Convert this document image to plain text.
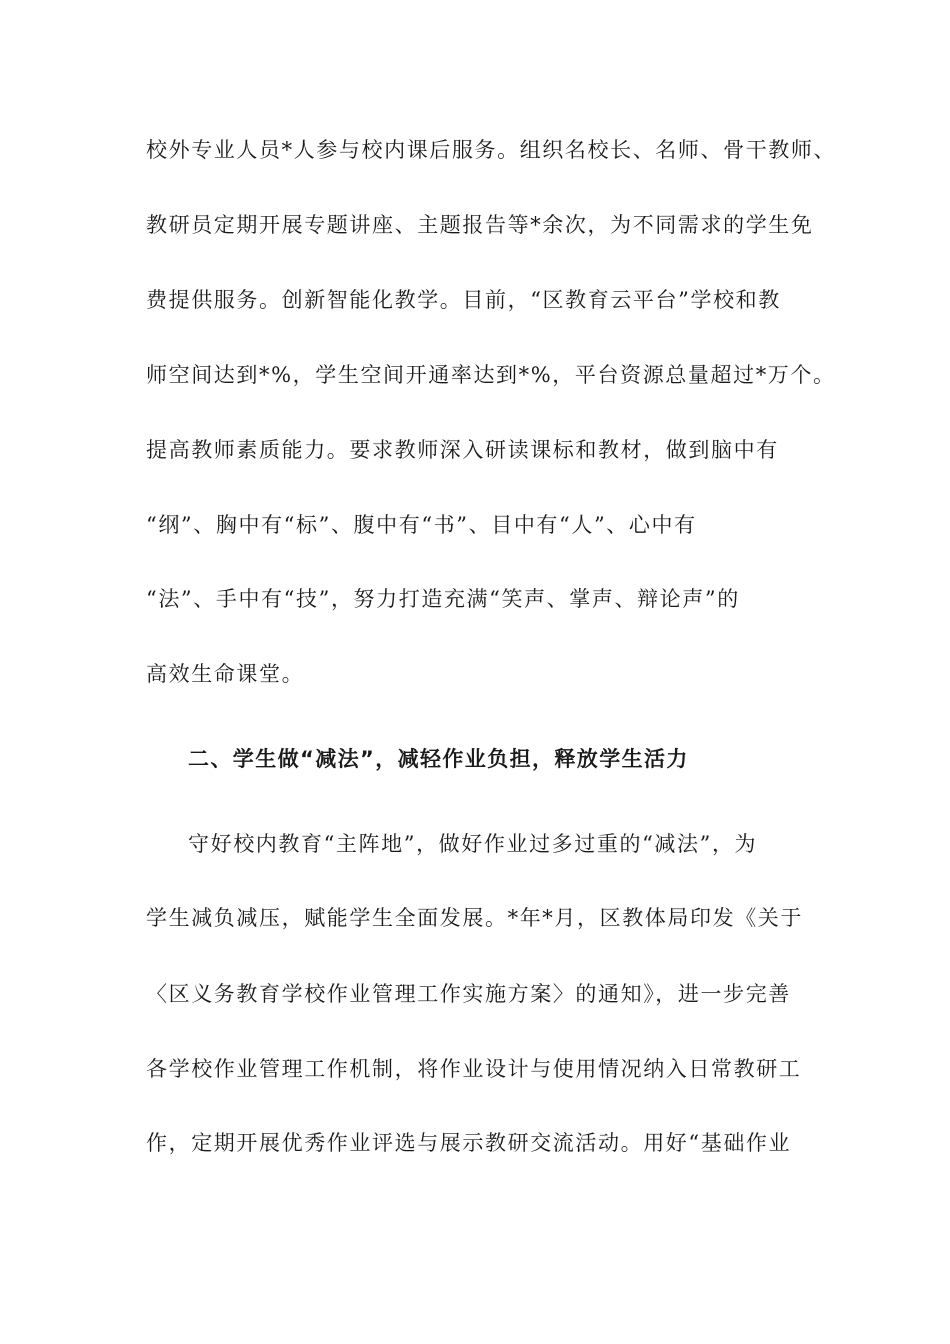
校外专业人员*人参与校内课后服务。组织名校长、名师、骨干教师、
教研员定期开展专题讲座、主题报告等*余次，为不同需求的学生免
费提供服务。创新智能化教学。目前，“区教育云平台”学校和教
师空间达到*%，学生空间开通率达到*%，平台资源总量超过*万个。
提高教师素质能力。要求教师深入研读课标和教材，做到脑中有
“纲”、胸中有“标”、腹中有“书”、目中有“人”、心中有
“法”、手中有“技”，努力打造充满“笑声、掌声、辩论声”的
高效生命课堂。
二、学生做“减法”，减轻作业负担，释放学生活力
守好校内教育“主阵地”，做好作业过多过重的“减法”，为
学生减负减压，赋能学生全面发展。*年*月，区教体局印发《关于
〈区义务教育学校作业管理工作实施方案〉的通知》，进一步完善
各学校作业管理工作机制，将作业设计与使用情况纳入日常教研工
作，定期开展优秀作业评选与展示教研交流活动。用好“基础作业
